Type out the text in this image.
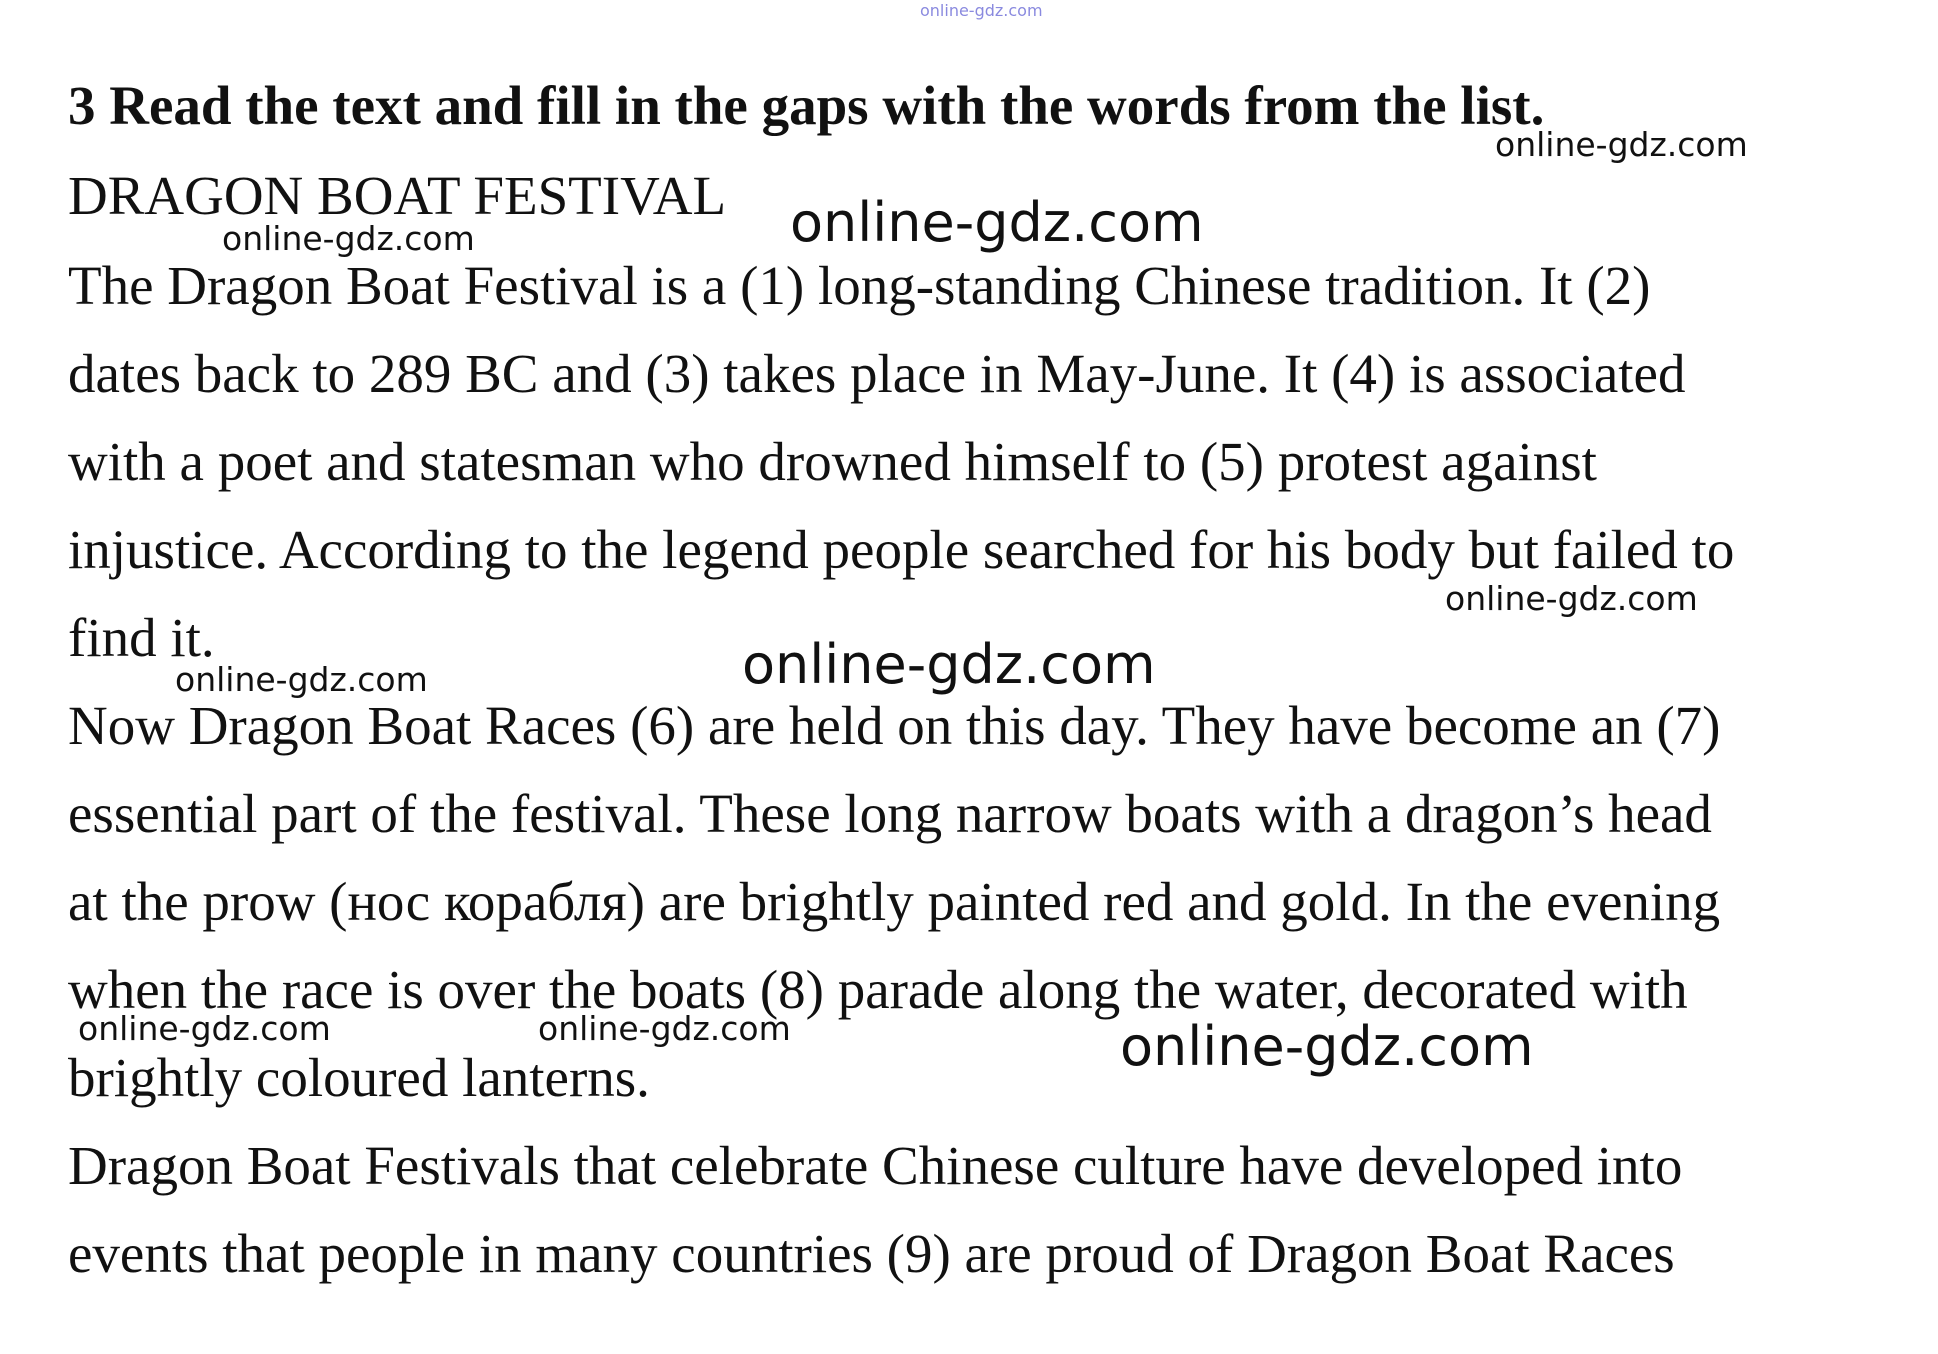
online-gdz.com
3 Read the text and fill in the gaps with the words from the list.
online-gdz.com
DRAGON BOAT FESTIVAL online-gdz.com
online-gdz.com
The Dragon Boat Festival is a (1) long-standing Chinese tradition. It (2)
dates back to 289 BC and (3) takes place in May-June. It (4) is associated
with a poet and statesman who drowned himself to (5) protest against
injustice. According to the legend people searched for his body but failed to
online-gdz.com
find it.	online-gdz.com
online-gdz.com
Now Dragon Boat Races (6) are held on this day. They have become an (7)
essential part of the festival. These long narrow boats with a dragon’s head
at the prow (нос корабля) are brightly painted red and gold. In the evening
when the race is over the boats (8) parade along the water, decorated with
online-gdz.com	online-gdz.com	online-gdz.com
brightly coloured lanterns.
Dragon Boat Festivals that celebrate Chinese culture have developed into
events that people in many countries (9) are proud of Dragon Boat Races
